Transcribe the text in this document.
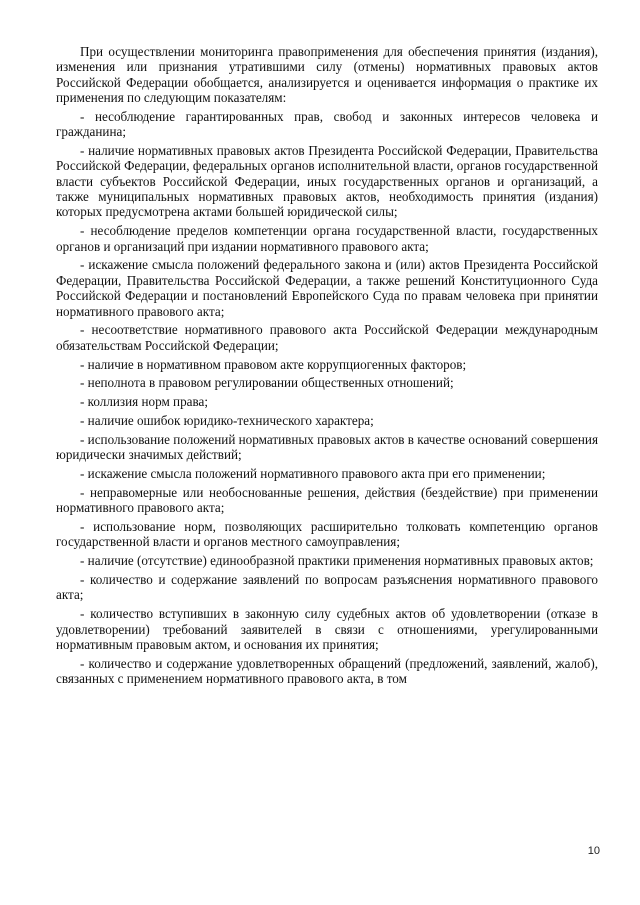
При осуществлении мониторинга правоприменения для обеспечения принятия (издания), изменения или признания утратившими силу (отмены) нормативных правовых актов Российской Федерации обобщается, анализируется и оценивается информация о практике их применения по следующим показателям:

- несоблюдение гарантированных прав, свобод и законных интересов человека и гражданина;
- наличие нормативных правовых актов Президента Российской Федерации, Правительства Российской Федерации, федеральных органов исполнительной власти, органов государственной власти субъектов Российской Федерации, иных государственных органов и организаций, а также муниципальных нормативных правовых актов, необходимость принятия (издания) которых предусмотрена актами большей юридической силы;
- несоблюдение пределов компетенции органа государственной власти, государственных органов и организаций при издании нормативного правового акта;
- искажение смысла положений федерального закона и (или) актов Президента Российской Федерации, Правительства Российской Федерации, а также решений Конституционного Суда Российской Федерации и постановлений Европейского Суда по правам человека при принятии нормативного правового акта;
- несоответствие нормативного правового акта Российской Федерации международным обязательствам Российской Федерации;
- наличие в нормативном правовом акте коррупциогенных факторов;
- неполнота в правовом регулировании общественных отношений;
- коллизия норм права;
- наличие ошибок юридико-технического характера;
- использование положений нормативных правовых актов в качестве оснований совершения юридически значимых действий;
- искажение смысла положений нормативного правового акта при его применении;
- неправомерные или необоснованные решения, действия (бездействие) при применении нормативного правового акта;
- использование норм, позволяющих расширительно толковать компетенцию органов государственной власти и органов местного самоуправления;
- наличие (отсутствие) единообразной практики применения нормативных правовых актов;
- количество и содержание заявлений по вопросам разъяснения нормативного правового акта;
- количество вступивших в законную силу судебных актов об удовлетворении (отказе в удовлетворении) требований заявителей в связи с отношениями, урегулированными нормативным правовым актом, и основания их принятия;
- количество и содержание удовлетворенных обращений (предложений, заявлений, жалоб), связанных с применением нормативного правового акта, в том
10
